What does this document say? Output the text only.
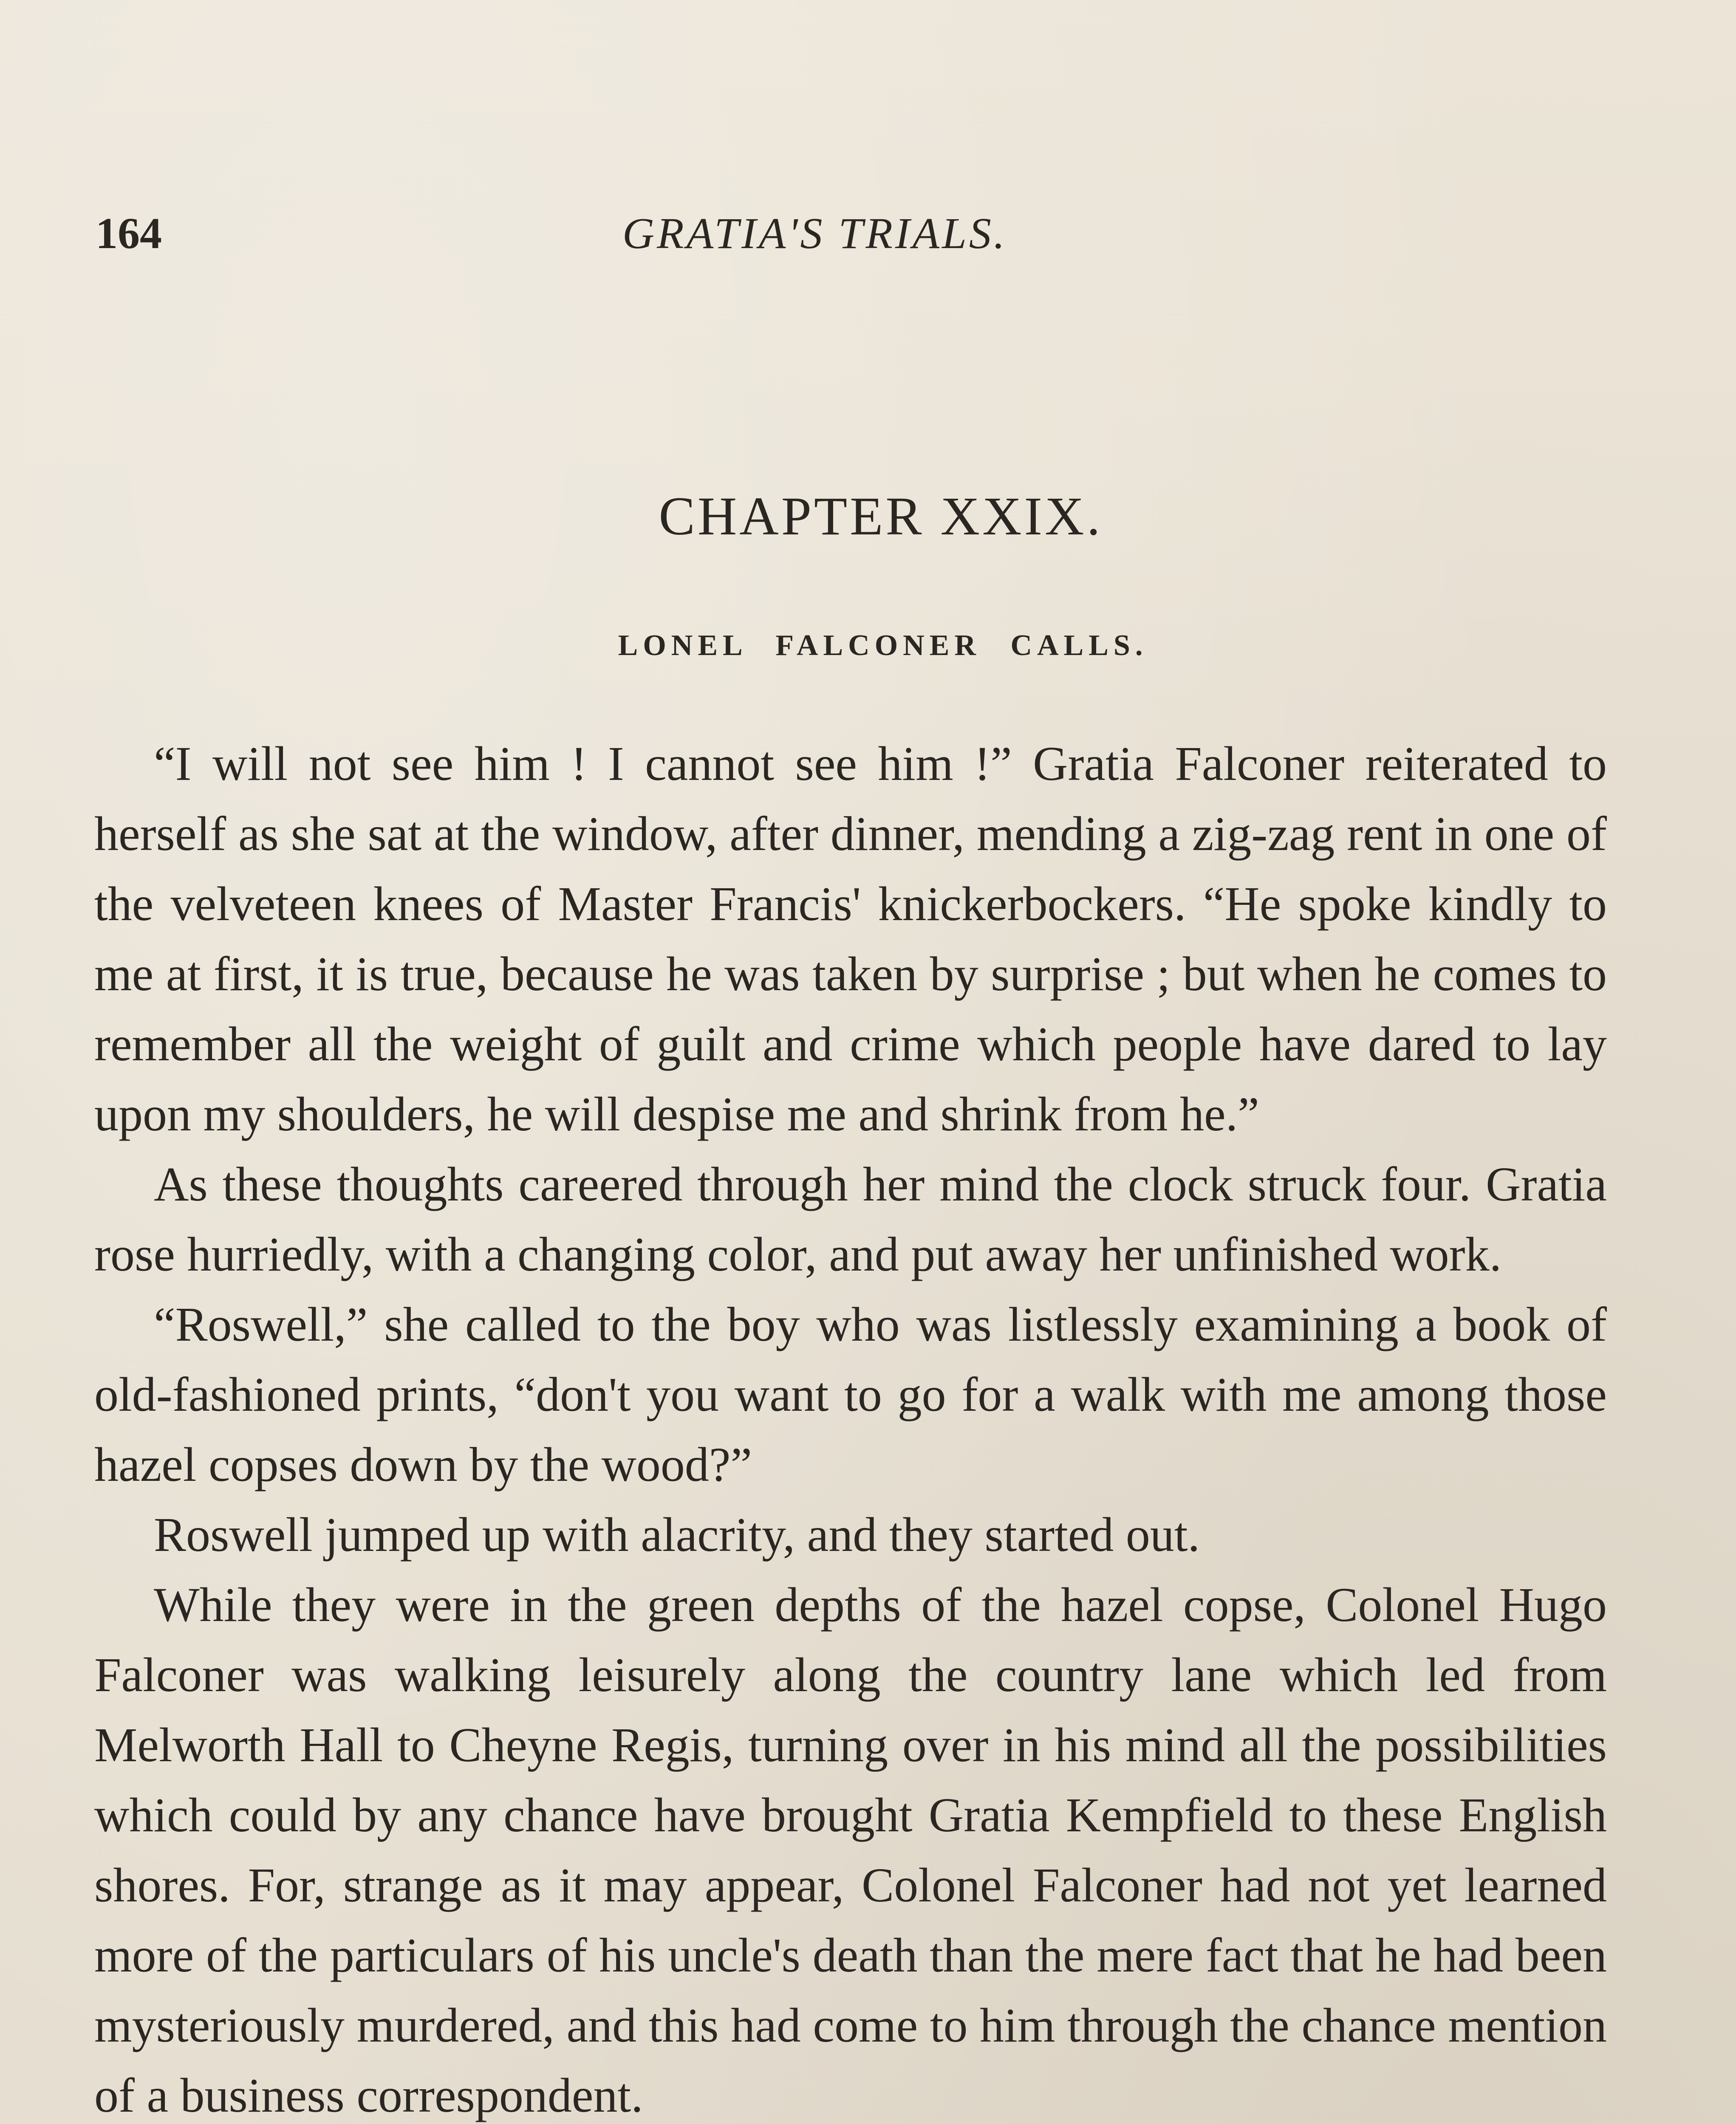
164	GRATIA'S TRIALS.
CHAPTER XXIX.
LONEL FALCONER CALLS.

“I will not see him ! I cannot see him !” Gratia Falconer reiterated to herself as she sat at the window, after dinner, mending a zig-zag rent in one of the velveteen knees of Master Francis' knickerbockers. “He spoke kindly to me at first, it is true, because he was taken by surprise ; but when he comes to remember all the weight of guilt and crime which people have dared to lay upon my shoulders, he will despise me and shrink from he.”

As these thoughts careered through her mind the clock struck four. Gratia rose hurriedly, with a changing color, and put away her unfinished work.

“Roswell,” she called to the boy who was listlessly examining a book of old-fashioned prints, “don't you want to go for a walk with me among those hazel copses down by the wood?”

Roswell jumped up with alacrity, and they started out.

While they were in the green depths of the hazel copse, Colonel Hugo Falconer was walking leisurely along the country lane which led from Melworth Hall to Cheyne Regis, turning over in his mind all the possibilities which could by any chance have brought Gratia Kempfield to these English shores. For, strange as it may appear, Colonel Falconer had not yet learned more of the particulars of his uncle's death than the mere fact that he had been mysteriously murdered, and this had come to him through the chance mention of a business correspondent.
